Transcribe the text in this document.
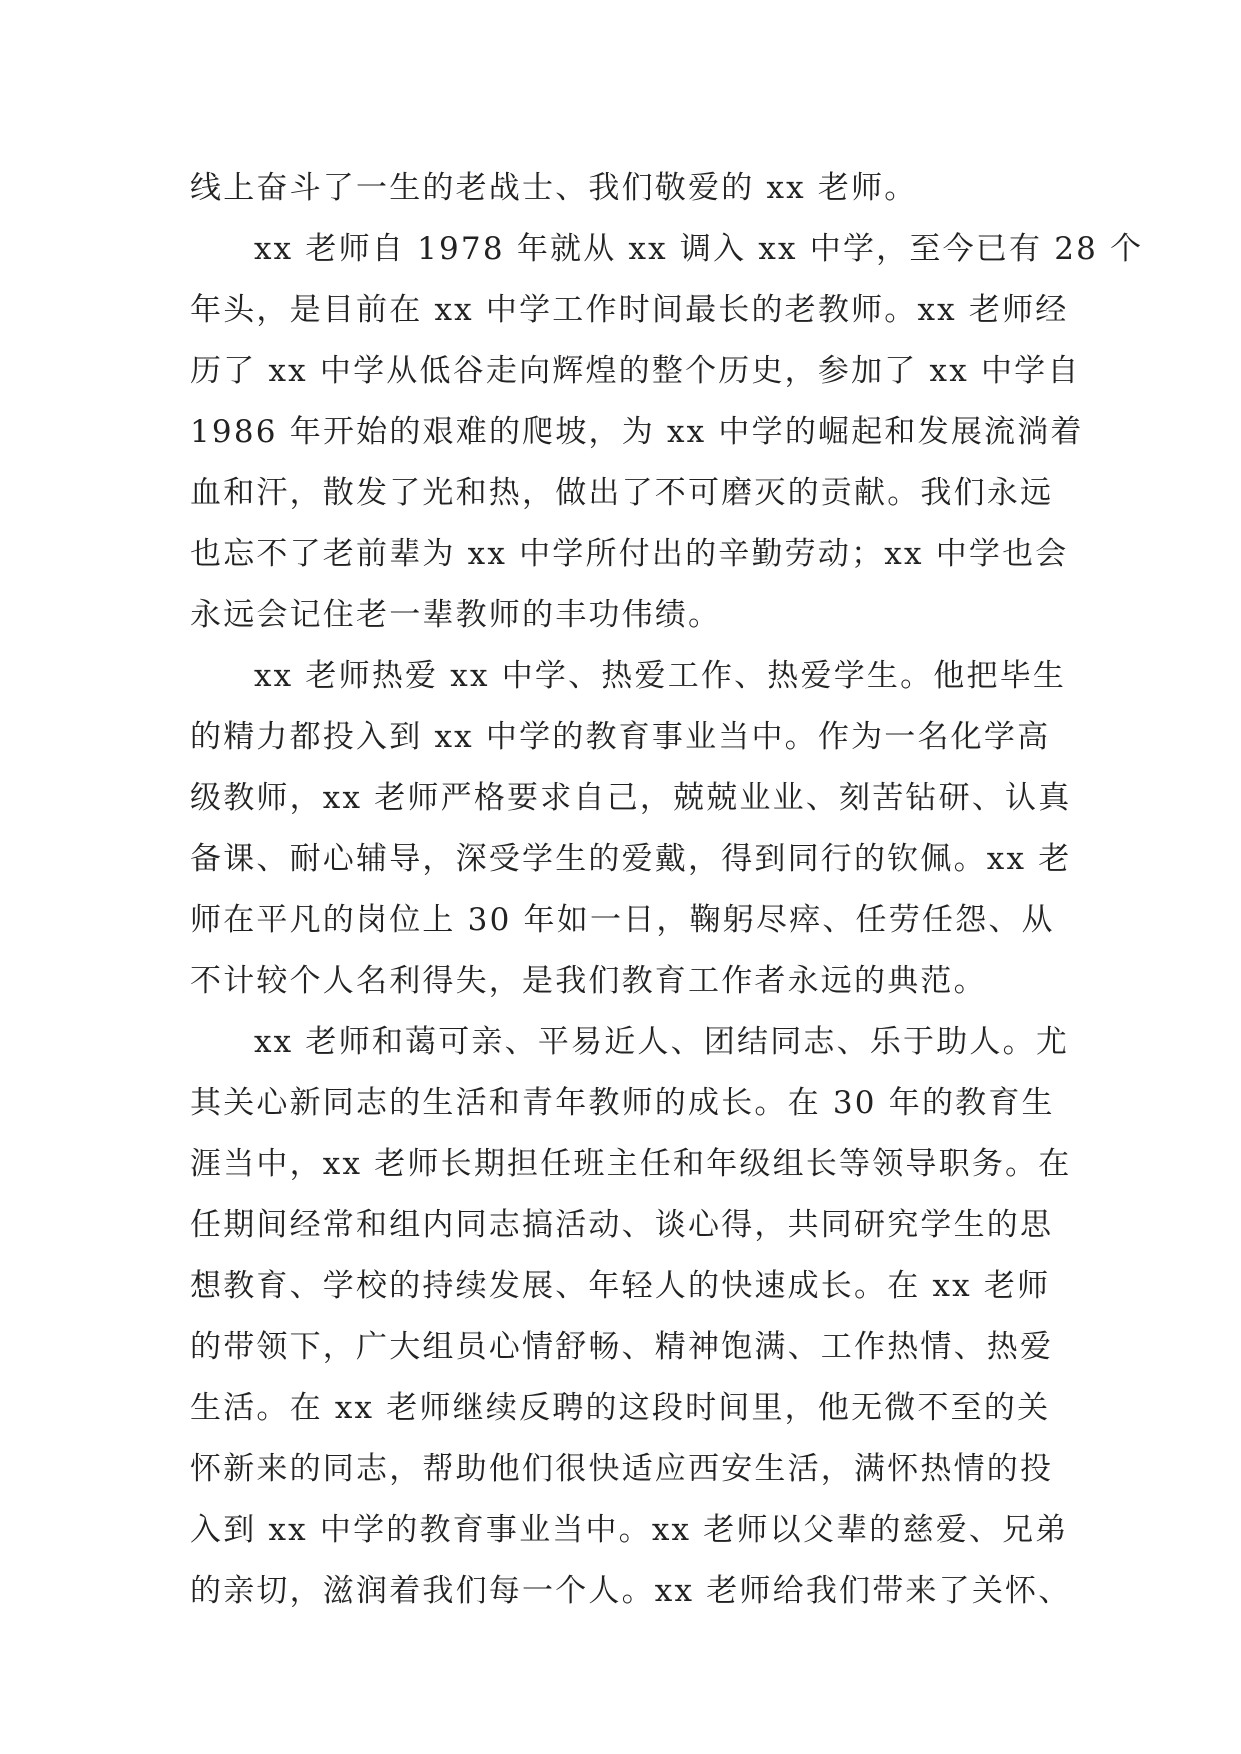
线上奋斗了一生的老战士、我们敬爱的 xx 老师。
xx 老师自 1978 年就从 xx 调入 xx 中学，至今已有 28 个
年头，是目前在 xx 中学工作时间最长的老教师。xx 老师经
历了 xx 中学从低谷走向辉煌的整个历史，参加了 xx 中学自
1986 年开始的艰难的爬坡，为 xx 中学的崛起和发展流淌着
血和汗，散发了光和热，做出了不可磨灭的贡献。我们永远
也忘不了老前辈为 xx 中学所付出的辛勤劳动；xx 中学也会
永远会记住老一辈教师的丰功伟绩。
xx 老师热爱 xx 中学、热爱工作、热爱学生。他把毕生
的精力都投入到 xx 中学的教育事业当中。作为一名化学高
级教师，xx 老师严格要求自己，兢兢业业、刻苦钻研、认真
备课、耐心辅导，深受学生的爱戴，得到同行的钦佩。xx 老
师在平凡的岗位上 30 年如一日，鞠躬尽瘁、任劳任怨、从
不计较个人名利得失，是我们教育工作者永远的典范。
xx 老师和蔼可亲、平易近人、团结同志、乐于助人。尤
其关心新同志的生活和青年教师的成长。在 30 年的教育生
涯当中，xx 老师长期担任班主任和年级组长等领导职务。在
任期间经常和组内同志搞活动、谈心得，共同研究学生的思
想教育、学校的持续发展、年轻人的快速成长。在 xx 老师
的带领下，广大组员心情舒畅、精神饱满、工作热情、热爱
生活。在 xx 老师继续反聘的这段时间里，他无微不至的关
怀新来的同志，帮助他们很快适应西安生活，满怀热情的投
入到 xx 中学的教育事业当中。xx 老师以父辈的慈爱、兄弟
的亲切，滋润着我们每一个人。xx 老师给我们带来了关怀、
